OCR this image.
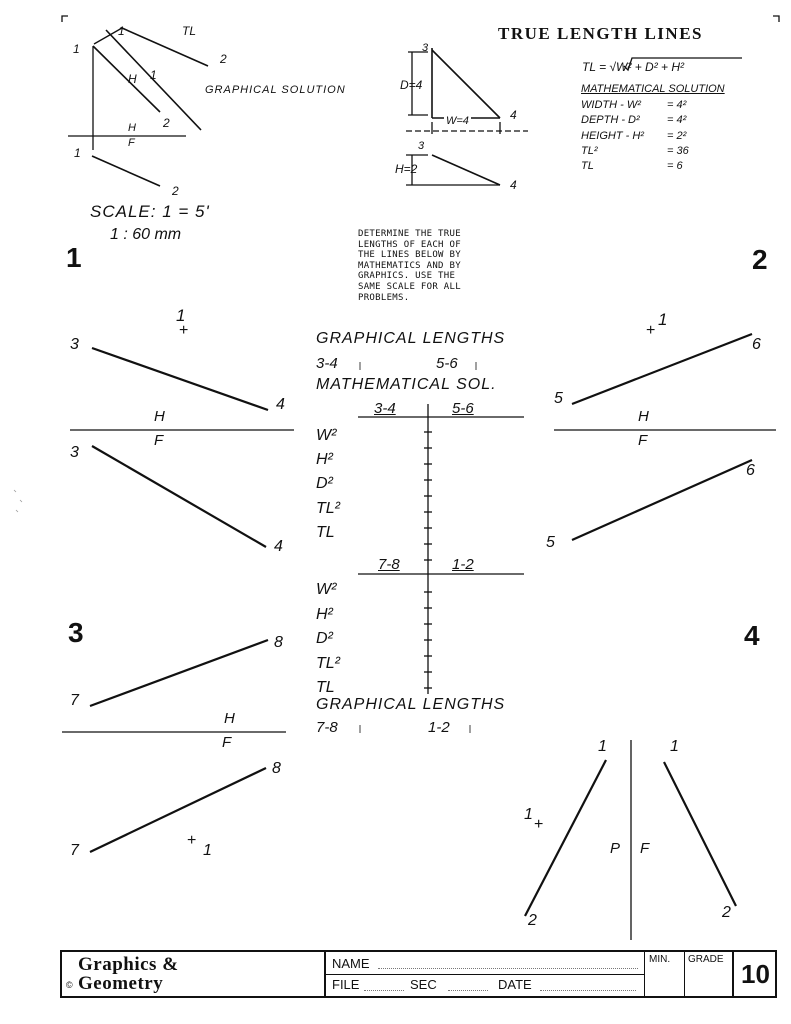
TRUE LENGTH LINES
TL
1
1
2
1
H
2
H
F
1
2
GRAPHICAL SOLUTION
SCALE: 1 = 5'
1 : 60 mm
3
D=4
4
W=4
3
H=2
4
TL = √W² + D² + H²
MATHEMATICAL SOLUTION
WIDTH - W² = 4²
DEPTH - D² = 4²
HEIGHT - H² = 2²
TL²	= 36
TL	= 6
DETERMINE THE TRUE
LENGTHS OF EACH OF
THE LINES BELOW BY
MATHEMATICS AND BY
GRAPHICS. USE THE
SAME SCALE FOR ALL
PROBLEMS.
1	2
3	4
1
+
3
4
H
F
3
4
1
+
6
5
H
F
6
5
8
7
H
F
8
+
1
7
1	1
1
+
P F
2	2
GRAPHICAL LENGTHS
3-4	5-6
MATHEMATICAL SOL.
3-4	5-6
W²
H²
D²
TL²
TL
7-8	1-2
W²
H²
D²
TL²
TL
GRAPHICAL LENGTHS
7-8	1-2
Graphics &
Geometry
©
NAME
FILE	SEC	DATE
MIN. GRADE 10
